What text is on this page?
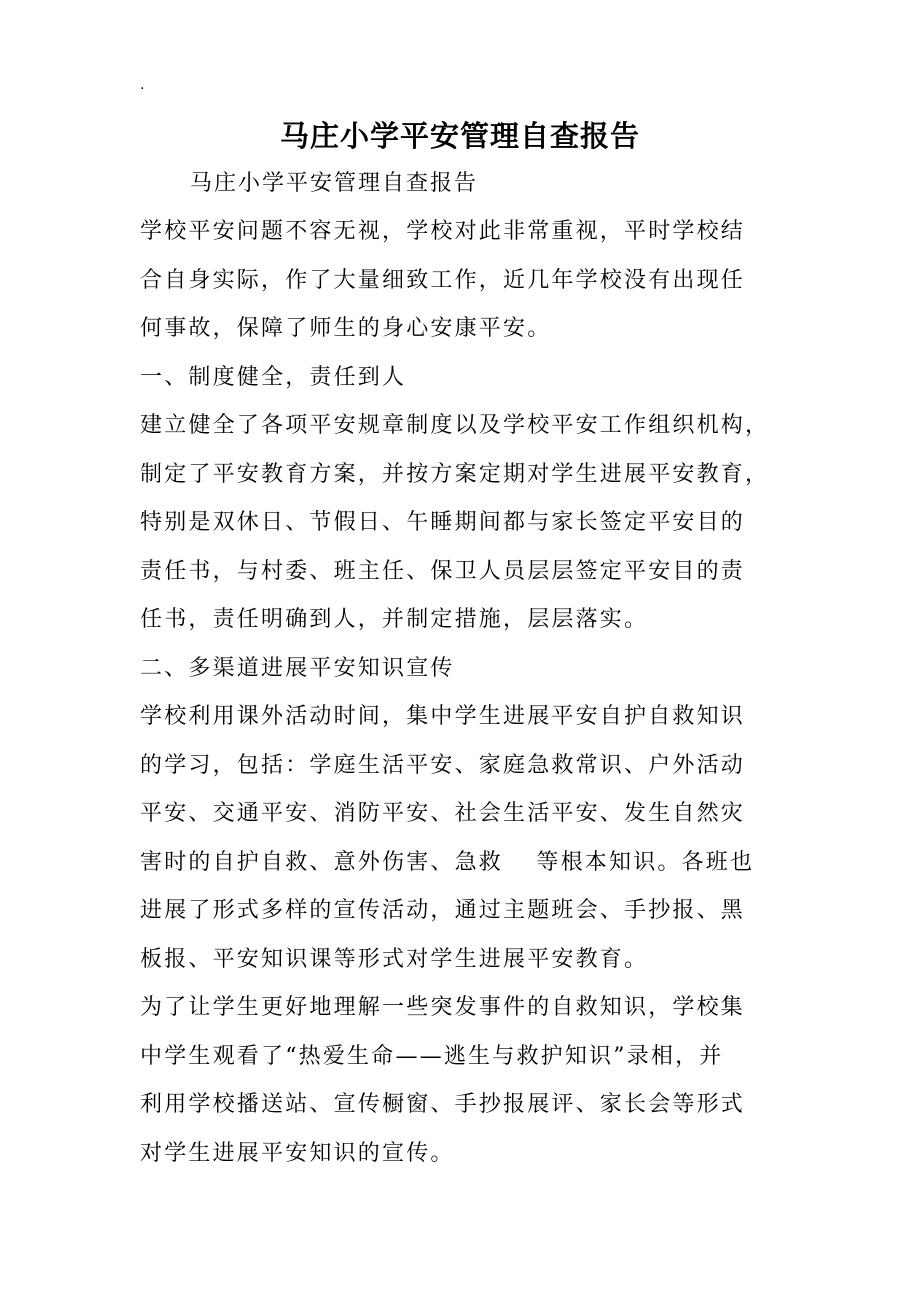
.
马庄小学平安管理自查报告
马庄小学平安管理自查报告
学校平安问题不容无视，学校对此非常重视，平时学校结
合自身实际，作了大量细致工作，近几年学校没有出现任
何事故，保障了师生的身心安康平安。
一、制度健全，责任到人
建立健全了各项平安规章制度以及学校平安工作组织机构，
制定了平安教育方案，并按方案定期对学生进展平安教育，
特别是双休日、节假日、午睡期间都与家长签定平安目的
责任书，与村委、班主任、保卫人员层层签定平安目的责
任书，责任明确到人，并制定措施，层层落实。
二、多渠道进展平安知识宣传
学校利用课外活动时间，集中学生进展平安自护自救知识
的学习，包括：学庭生活平安、家庭急救常识、户外活动
平安、交通平安、消防平安、社会生活平安、发生自然灾
害时的自护自救、意外伤害、急救　 等根本知识。各班也
进展了形式多样的宣传活动，通过主题班会、手抄报、黑
板报、平安知识课等形式对学生进展平安教育。
为了让学生更好地理解一些突发事件的自救知识，学校集
中学生观看了“热爱生命——逃生与救护知识”录相，并
利用学校播送站、宣传橱窗、手抄报展评、家长会等形式
对学生进展平安知识的宣传。
